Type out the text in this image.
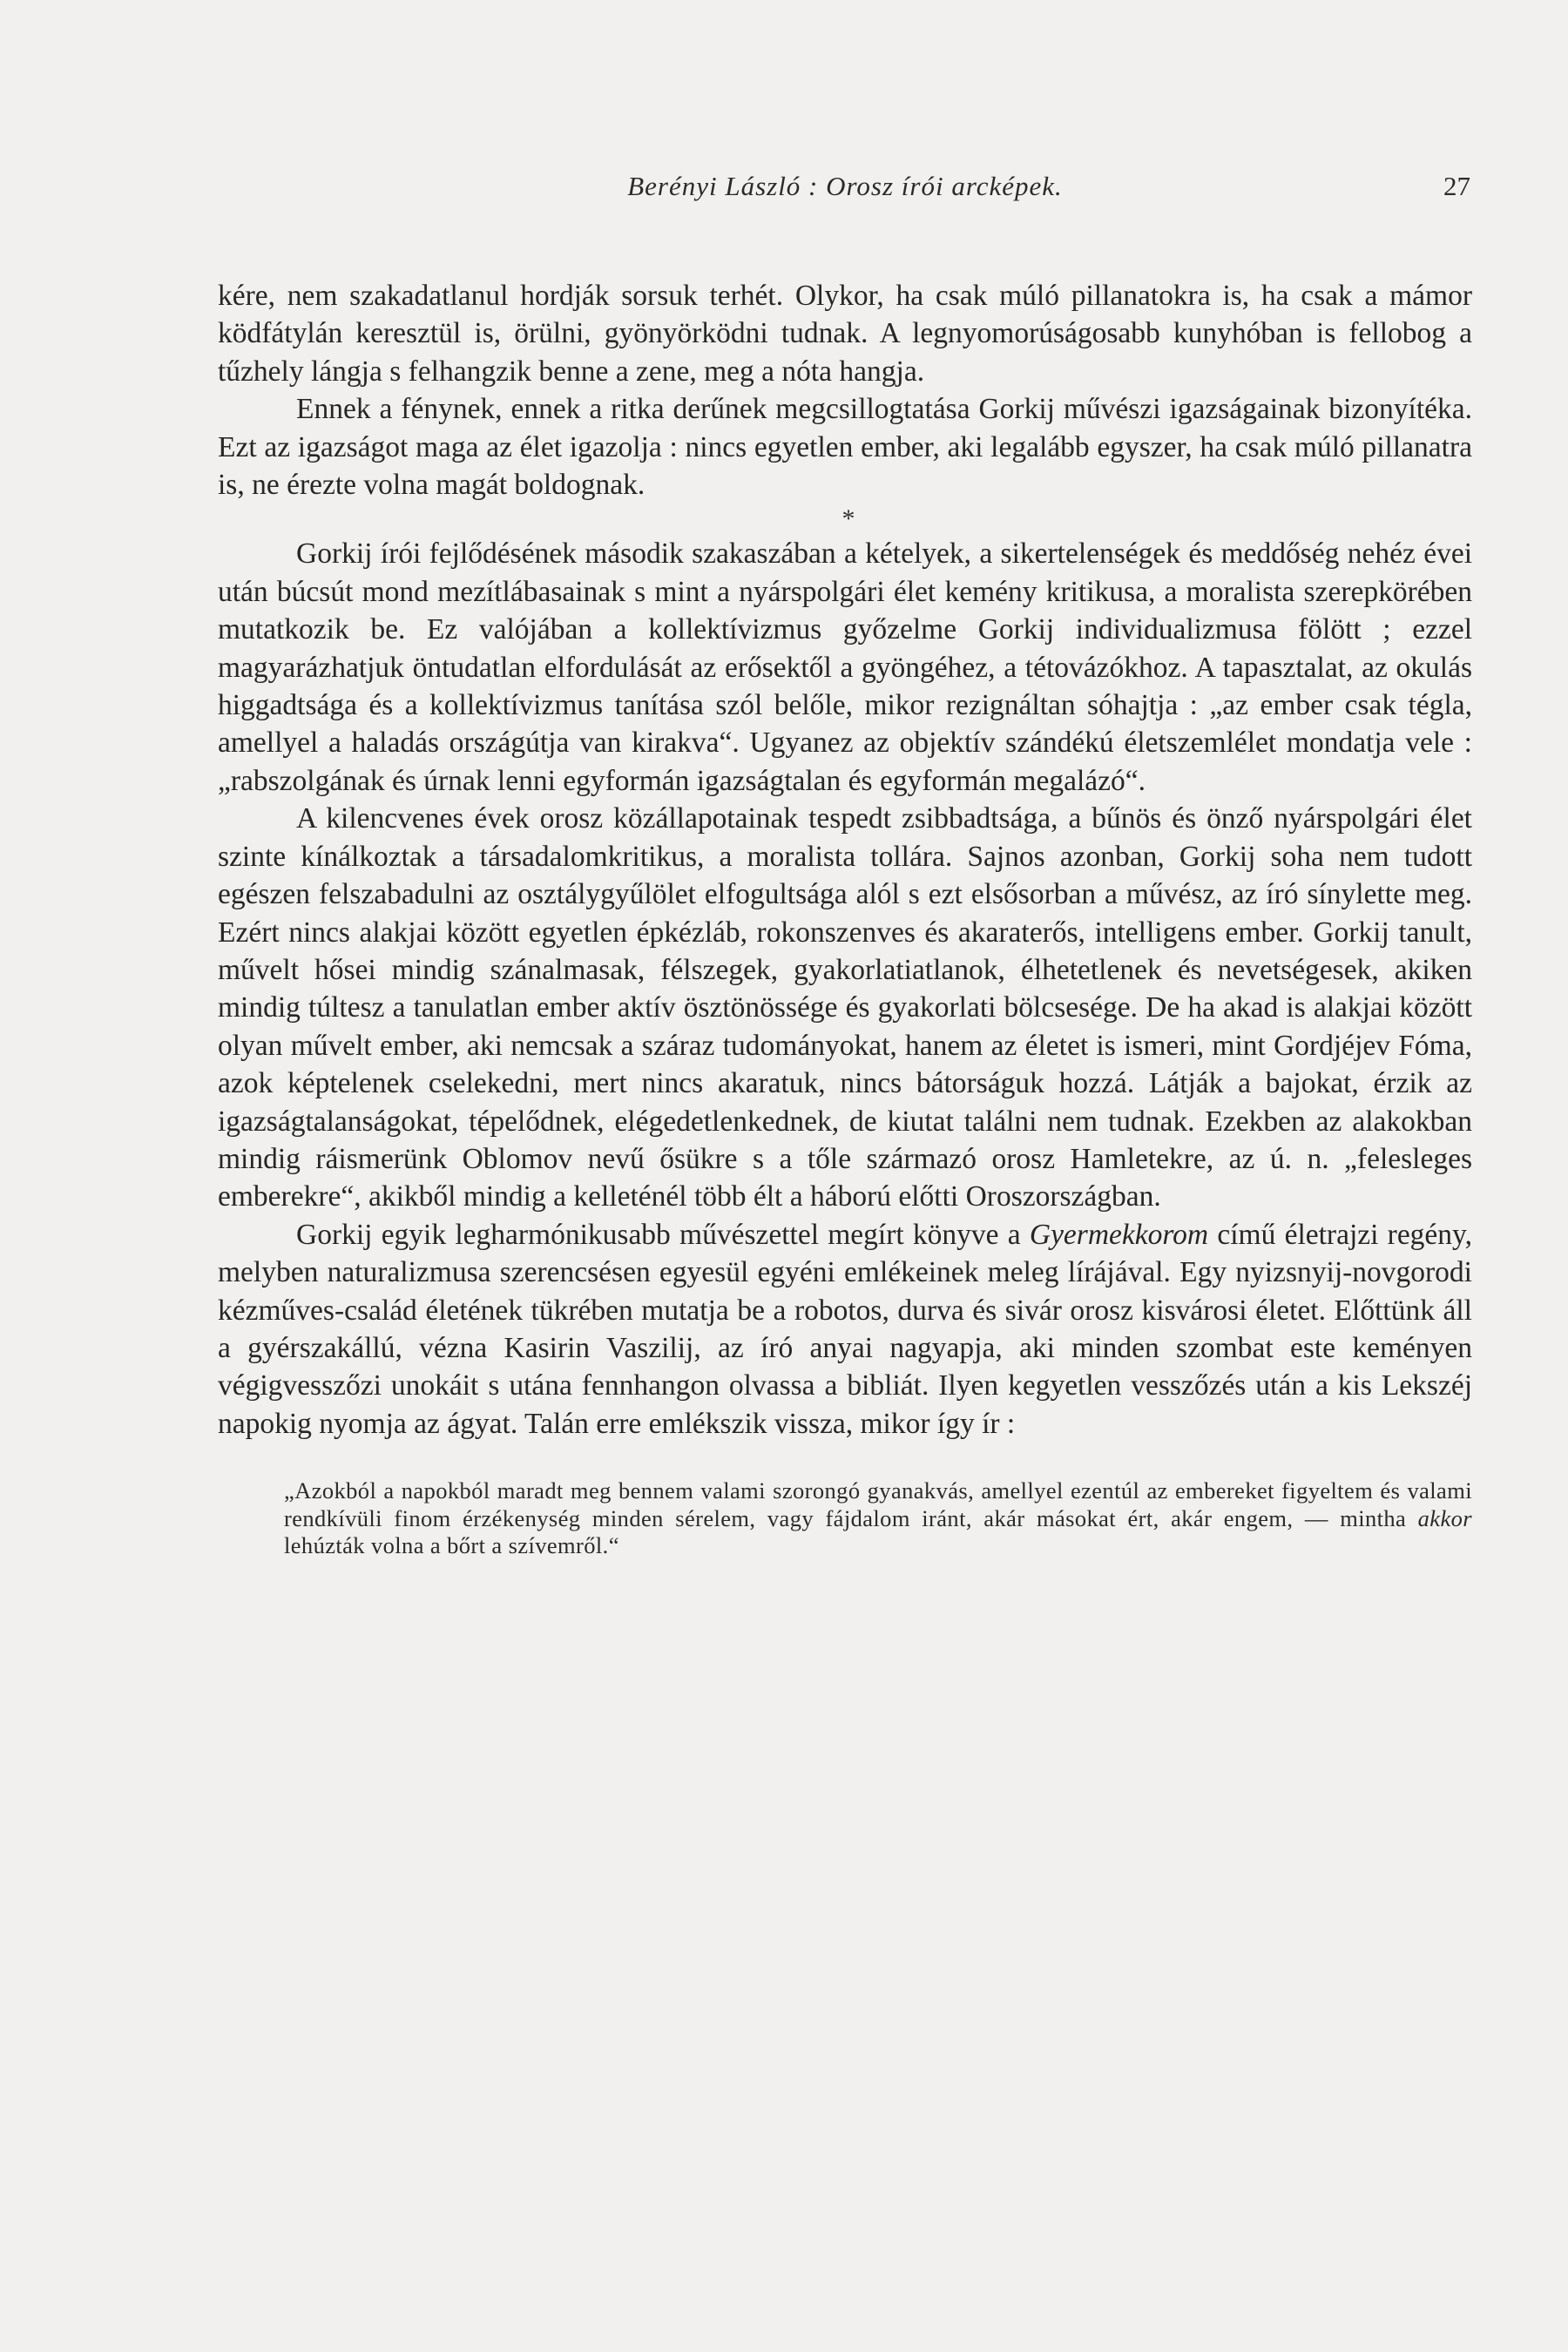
Berényi László : Orosz írói arcképek.	27

kére, nem szakadatlanul hordják sorsuk terhét. Olykor, ha csak múló pillanatokra is, ha csak a mámor ködfátylán keresztül is, örülni, gyönyörködni tudnak. A legnyomorúságosabb kunyhóban is fellobog a tűzhely lángja s felhangzik benne a zene, meg a nóta hangja.

Ennek a fénynek, ennek a ritka derűnek megcsillogtatása Gorkij művészi igazságainak bizonyítéka. Ezt az igazságot maga az élet igazolja : nincs egyetlen ember, aki legalább egyszer, ha csak múló pillanatra is, ne érezte volna magát boldognak.

*

Gorkij írói fejlődésének második szakaszában a kételyek, a sikertelenségek és meddőség nehéz évei után búcsút mond mezítlábasainak s mint a nyárspolgári élet kemény kritikusa, a moralista szerepkörében mutatkozik be. Ez valójában a kollektívizmus győzelme Gorkij individualizmusa fölött ; ezzel magyarázhatjuk öntudatlan elfordulását az erősektől a gyöngéhez, a tétovázókhoz. A tapasztalat, az okulás higgadtsága és a kollektívizmus tanítása szól belőle, mikor rezignáltan sóhajtja : „az ember csak tégla, amellyel a haladás országútja van kirakva“. Ugyanez az objektív szándékú életszemlélet mondatja vele : „rabszolgának és úrnak lenni egyformán igazságtalan és egyformán megalázó“.

A kilencvenes évek orosz közállapotainak tespedt zsibbadtsága, a bűnös és önző nyárspolgári élet szinte kínálkoztak a társadalomkritikus, a moralista tollára. Sajnos azonban, Gorkij soha nem tudott egészen felszabadulni az osztálygyűlölet elfogultsága alól s ezt elsősorban a művész, az író sínylette meg. Ezért nincs alakjai között egyetlen épkézláb, rokonszenves és akaraterős, intelligens ember. Gorkij tanult, művelt hősei mindig szánalmasak, félszegek, gyakorlatiatlanok, élhetetlenek és nevetségesek, akiken mindig túltesz a tanulatlan ember aktív ösztönössége és gyakorlati bölcsesége. De ha akad is alakjai között olyan művelt ember, aki nemcsak a száraz tudományokat, hanem az életet is ismeri, mint Gordjéjev Fóma, azok képtelenek cselekedni, mert nincs akaratuk, nincs bátorságuk hozzá. Látják a bajokat, érzik az igazságtalanságokat, tépelődnek, elégedetlenkednek, de kiutat találni nem tudnak. Ezekben az alakokban mindig ráismerünk Oblomov nevű ősükre s a tőle származó orosz Hamletekre, az ú. n. „felesleges emberekre“, akikből mindig a kelleténél több élt a háború előtti Oroszországban.

Gorkij egyik legharmónikusabb művészettel megírt könyve a Gyermekkorom című életrajzi regény, melyben naturalizmusa szerencsésen egyesül egyéni emlékeinek meleg lírájával. Egy nyizsnyij-novgorodi kézműves-család életének tükrében mutatja be a robotos, durva és sivár orosz kisvárosi életet. Előttünk áll a gyérszakállú, vézna Kasirin Vaszilij, az író anyai nagyapja, aki minden szombat este keményen végigvesszőzi unokáit s utána fennhangon olvassa a bibliát. Ilyen kegyetlen vesszőzés után a kis Lekszéj napokig nyomja az ágyat. Talán erre emlékszik vissza, mikor így ír :

„Azokból a napokból maradt meg bennem valami szorongó gyanakvás, amellyel ezentúl az embereket figyeltem és valami rendkívüli finom érzékenység minden sérelem, vagy fájdalom iránt, akár másokat ért, akár engem, — mintha akkor lehúzták volna a bőrt a szívemről.“
